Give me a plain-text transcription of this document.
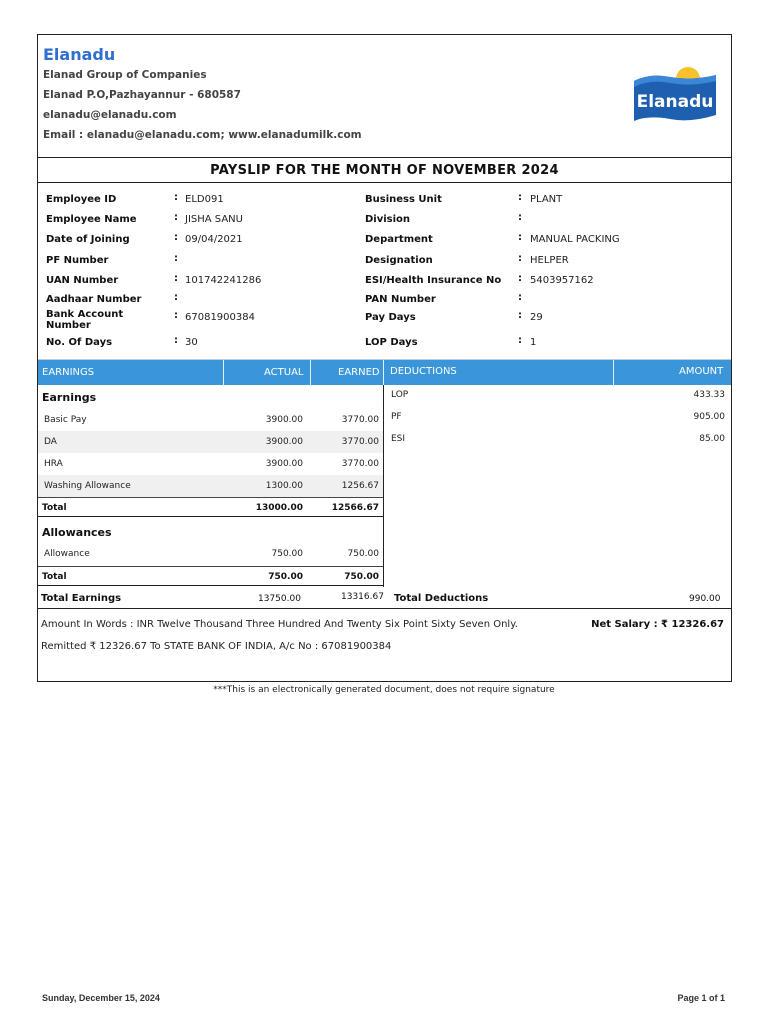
Elanadu
Elanad Group of Companies
Elanad P.O,Pazhayannur - 680587
elanadu@elanadu.com
Email : elanadu@elanadu.com; www.elanadumilk.com
Elanadu
PAYSLIP FOR THE MONTH OF NOVEMBER 2024
Employee ID	: ELD091
Employee Name	: JISHA SANU
Date of Joining	: 09/04/2021
PF Number	:
UAN Number	: 101742241286
Aadhaar Number	:
Bank Account Number
: 67081900384
No. Of Days	: 30
Business Unit	: PLANT
Division	:
Department	: MANUAL PACKING
Designation	: HELPER
ESI/Health Insurance No : 5403957162
PAN Number	:
Pay Days	: 29
LOP Days	: 1
EARNINGS	ACTUAL	EARNED DEDUCTIONS	AMOUNT
Earnings
Basic Pay	3900.00	3770.00
DA	3900.00	3770.00
HRA	3900.00	3770.00
Washing Allowance	1300.00	1256.67
Total	13000.00	12566.67
Allowances
Allowance	750.00	750.00
Total	750.00	750.00
LOP	433.33
PF	905.00
ESI	85.00
Total Earnings	13750.00	13316.67 Total Deductions	990.00
Amount In Words : INR Twelve Thousand Three Hundred And Twenty Six Point Sixty Seven Only.	Net Salary : ₹ 12326.67
Remitted ₹ 12326.67 To STATE BANK OF INDIA, A/c No : 67081900384
***This is an electronically generated document, does not require signature
Sunday, December 15, 2024	Page 1 of 1
